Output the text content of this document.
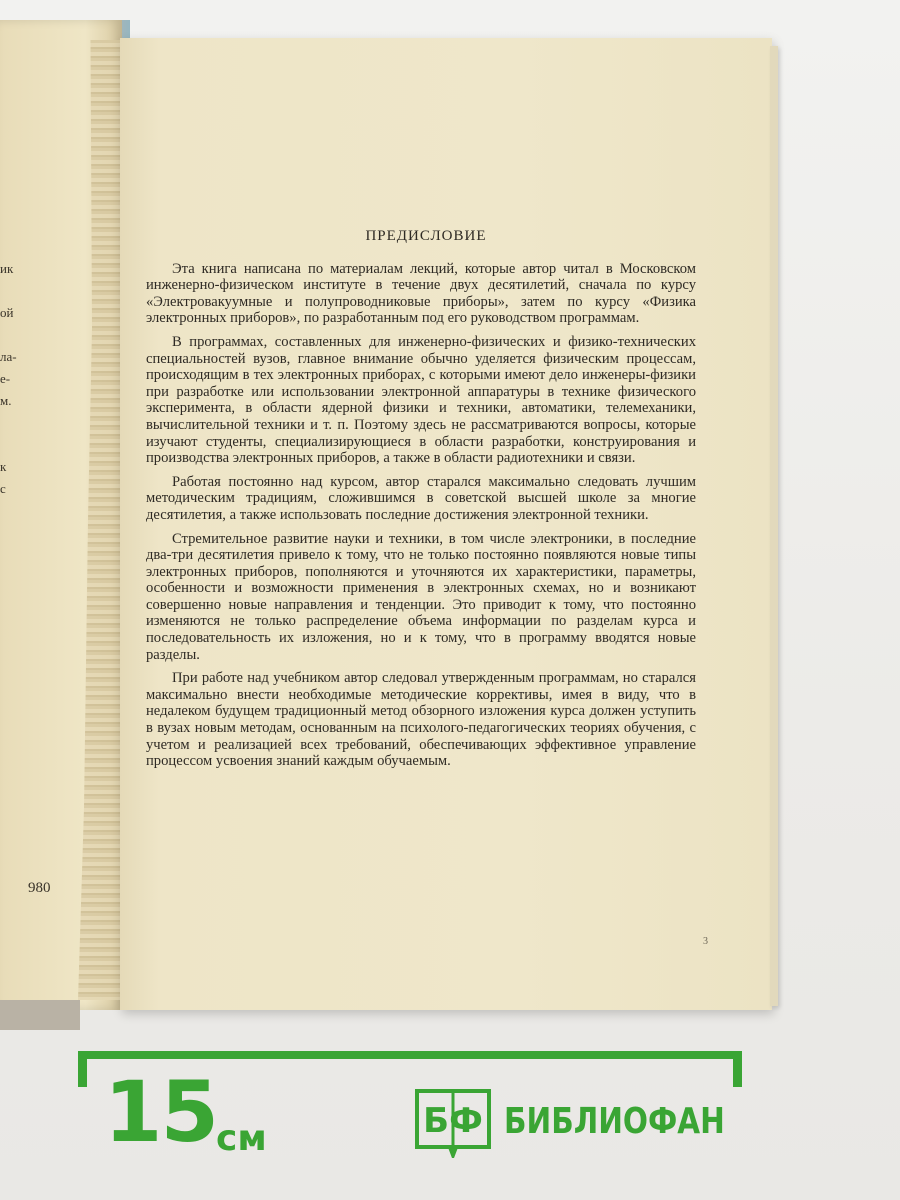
ик

ой

ла-
е-
м.

к
с
980
ПРЕДИСЛОВИЕ

Эта книга написана по материалам лекций, которые автор читал в Московском инженерно-физическом институте в течение двух десятилетий, сначала по курсу «Электровакуумные и полупроводниковые приборы», затем по курсу «Физика электронных приборов», по разработанным под его руководством программам.

В программах, составленных для инженерно-физических и физико-технических специальностей вузов, главное внимание обычно уделяется физическим процессам, происходящим в тех электронных приборах, с которыми имеют дело инженеры-физики при разработке или использовании электронной аппаратуры в технике физического эксперимента, в области ядерной физики и техники, автоматики, телемеханики, вычислительной техники и т. п. Поэтому здесь не рассматриваются вопросы, которые изучают студенты, специализирующиеся в области разработки, конструирования и производства электронных приборов, а также в области радиотехники и связи.

Работая постоянно над курсом, автор старался максимально следовать лучшим методическим традициям, сложившимся в советской высшей школе за многие десятилетия, а также использовать последние достижения электронной техники.

Стремительное развитие науки и техники, в том числе электроники, в последние два-три десятилетия привело к тому, что не только постоянно появляются новые типы электронных приборов, пополняются и уточняются их характеристики, параметры, особенности и возможности применения в электронных схемах, но и возникают совершенно новые направления и тенденции. Это приводит к тому, что постоянно изменяются не только распределение объема информации по разделам курса и последовательность их изложения, но и к тому, что в программу вводятся новые разделы.

При работе над учебником автор следовал утвержденным программам, но старался максимально внести необходимые методические коррективы, имея в виду, что в недалеком будущем традиционный метод обзорного изложения курса должен уступить в вузах новым методам, основанным на психолого-педагогических теориях обучения, с учетом и реализацией всех требований, обеспечивающих эффективное управление процессом усвоения знаний каждым обучаемым.

3
15 см	БФ БИБЛИОФАН
